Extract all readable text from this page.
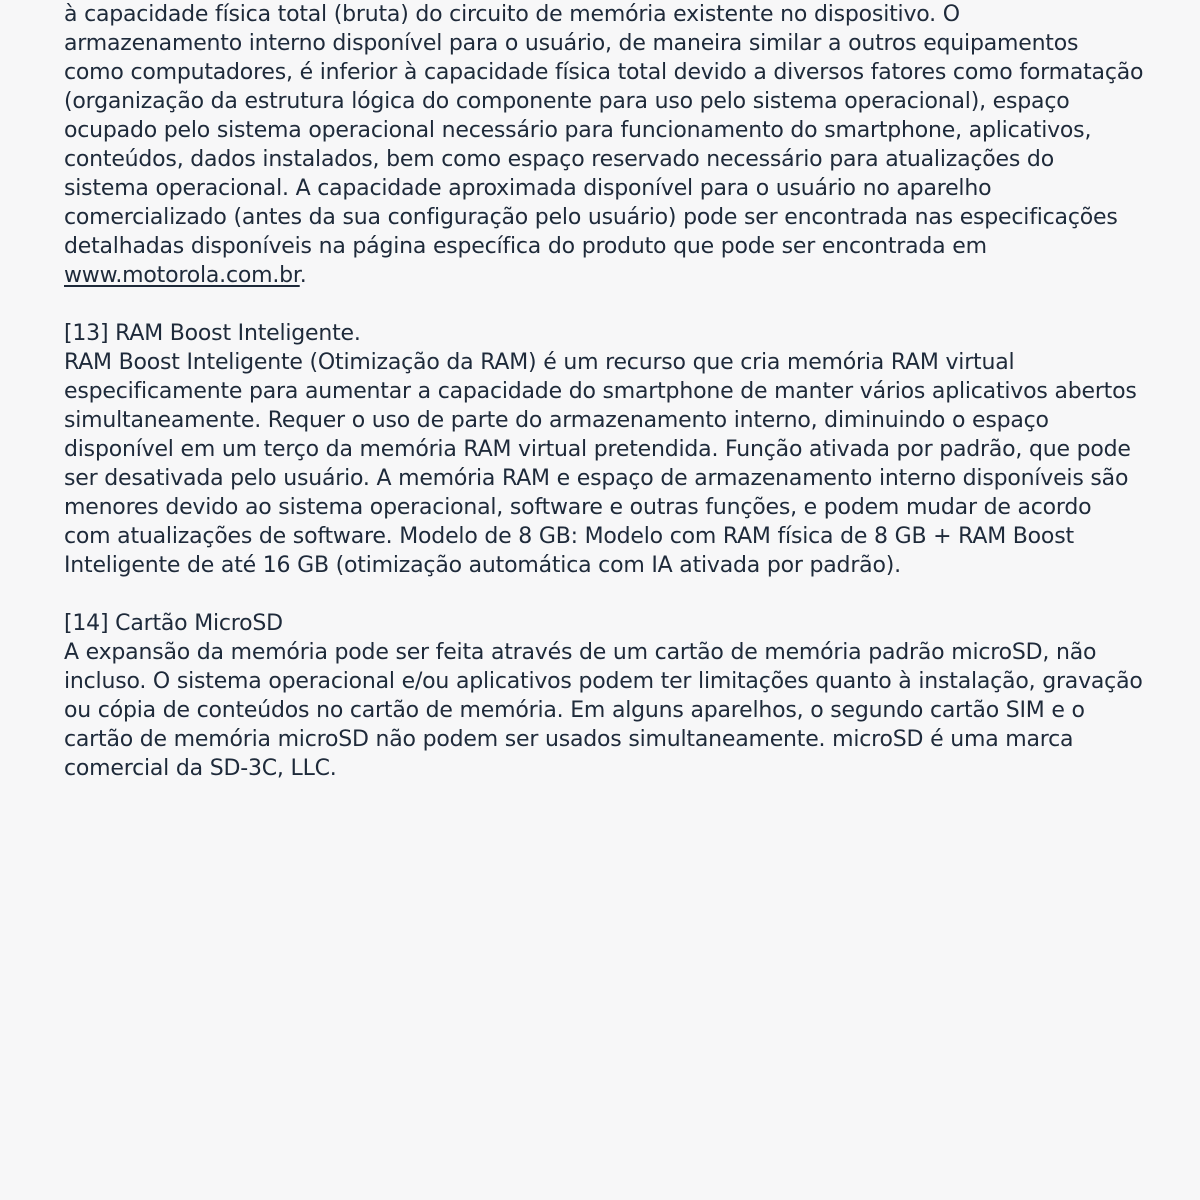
à capacidade física total (bruta) do circuito de memória existente no dispositivo. O armazenamento interno disponível para o usuário, de maneira similar a outros equipamentos como computadores, é inferior à capacidade física total devido a diversos fatores como formatação (organização da estrutura lógica do componente para uso pelo sistema operacional), espaço ocupado pelo sistema operacional necessário para funcionamento do smartphone, aplicativos, conteúdos, dados instalados, bem como espaço reservado necessário para atualizações do sistema operacional. A capacidade aproximada disponível para o usuário no aparelho comercializado (antes da sua configuração pelo usuário) pode ser encontrada nas especificações detalhadas disponíveis na página específica do produto que pode ser encontrada em www.motorola.com.br.

[13] RAM Boost Inteligente.

RAM Boost Inteligente (Otimização da RAM) é um recurso que cria memória RAM virtual especificamente para aumentar a capacidade do smartphone de manter vários aplicativos abertos simultaneamente. Requer o uso de parte do armazenamento interno, diminuindo o espaço disponível em um terço da memória RAM virtual pretendida. Função ativada por padrão, que pode ser desativada pelo usuário. A memória RAM e espaço de armazenamento interno disponíveis são menores devido ao sistema operacional, software e outras funções, e podem mudar de acordo com atualizações de software. Modelo de 8 GB: Modelo com RAM física de 8 GB + RAM Boost Inteligente de até 16 GB (otimização automática com IA ativada por padrão).

[14] Cartão MicroSD

A expansão da memória pode ser feita através de um cartão de memória padrão microSD, não incluso. O sistema operacional e/ou aplicativos podem ter limitações quanto à instalação, gravação ou cópia de conteúdos no cartão de memória. Em alguns aparelhos, o segundo cartão SIM e o cartão de memória microSD não podem ser usados simultaneamente. microSD é uma marca comercial da SD-3C, LLC.
